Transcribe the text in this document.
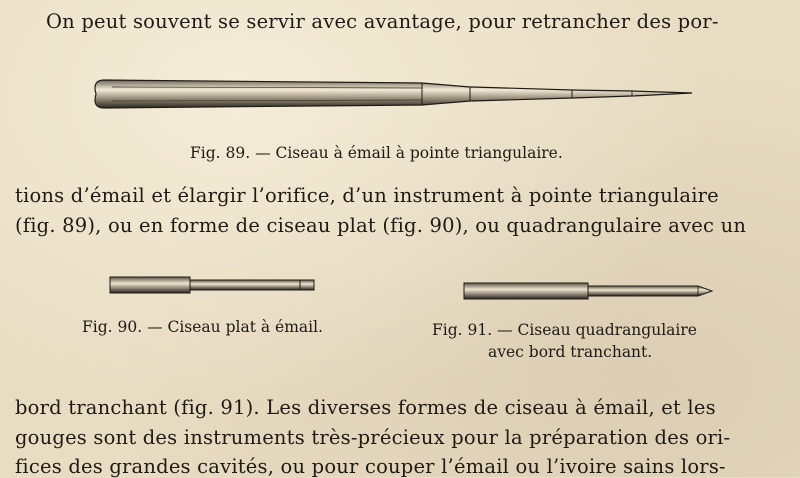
On peut souvent se servir avec avantage, pour retrancher des por-
Fig. 89. — Ciseau à émail à pointe triangulaire.
tions d’émail et élargir l’orifice, d’un instrument à pointe triangulaire
(fig. 89), ou en forme de ciseau plat (fig. 90), ou quadrangulaire avec un
Fig. 90. — Ciseau plat à émail.	Fig. 91. — Ciseau quadrangulaire
avec bord tranchant.
bord tranchant (fig. 91). Les diverses formes de ciseau à émail, et les
gouges sont des instruments très-précieux pour la préparation des ori-
fices des grandes cavités, ou pour couper l’émail ou l’ivoire sains lors-
